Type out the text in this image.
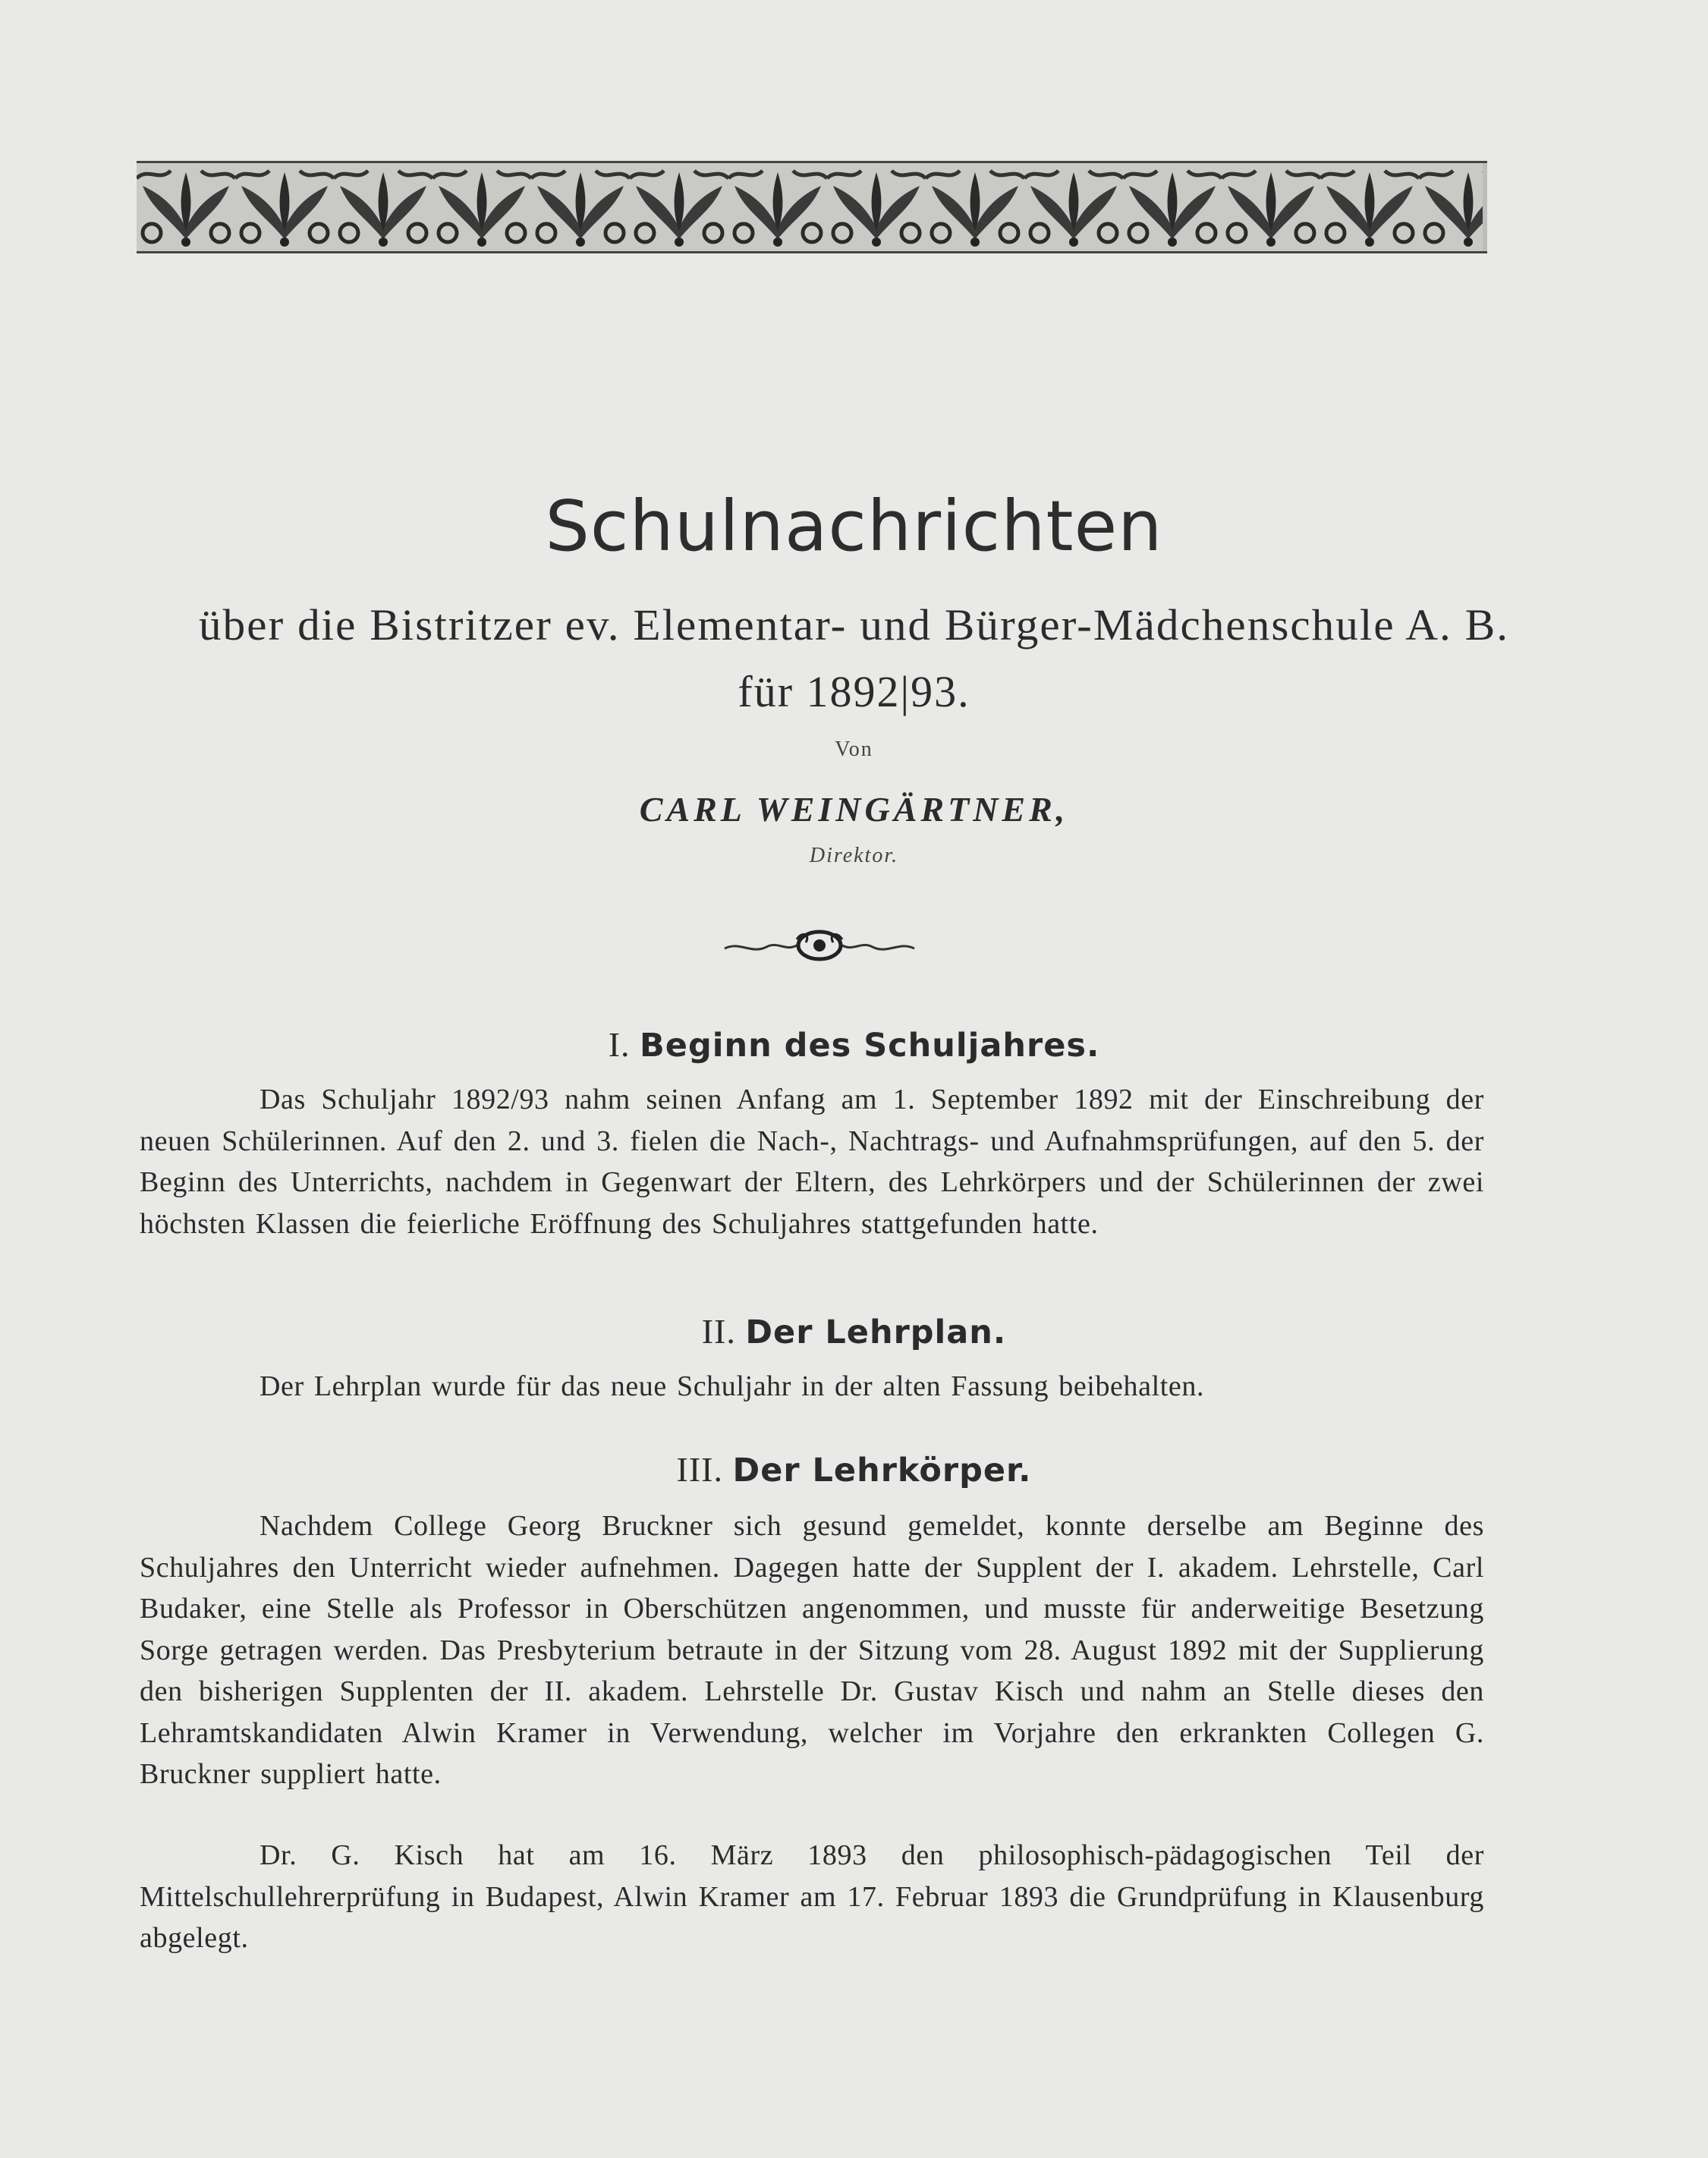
Schulnachrichten
über die Bistritzer ev. Elementar- und Bürger-Mädchenschule A. B.
für 1892|93.
Von
CARL WEINGÄRTNER,
Direktor.
I. Beginn des Schuljahres.
Das Schuljahr 1892/93 nahm seinen Anfang am 1. September 1892 mit der Einschreibung der neuen Schülerinnen. Auf den 2. und 3. fielen die Nach-, Nachtrags- und Aufnahmsprüfungen, auf den 5. der Beginn des Unterrichts, nachdem in Gegenwart der Eltern, des Lehrkörpers und der Schülerinnen der zwei höchsten Klassen die feierliche Eröffnung des Schuljahres stattgefunden hatte.
II. Der Lehrplan.
Der Lehrplan wurde für das neue Schuljahr in der alten Fassung beibehalten.
III. Der Lehrkörper.
Nachdem College Georg Bruckner sich gesund gemeldet, konnte derselbe am Beginne des Schuljahres den Unterricht wieder aufnehmen. Dagegen hatte der Supplent der I. akadem. Lehrstelle, Carl Budaker, eine Stelle als Professor in Oberschützen angenommen, und musste für anderweitige Besetzung Sorge getragen werden. Das Presbyterium betraute in der Sitzung vom 28. August 1892 mit der Supplierung den bisherigen Supplenten der II. akadem. Lehrstelle Dr. Gustav Kisch und nahm an Stelle dieses den Lehramtskandidaten Alwin Kramer in Verwendung, welcher im Vorjahre den erkrankten Collegen G. Bruckner suppliert hatte.
Dr. G. Kisch hat am 16. März 1893 den philosophisch-pädagogischen Teil der Mittelschullehrerprüfung in Budapest, Alwin Kramer am 17. Februar 1893 die Grundprüfung in Klausenburg abgelegt.
